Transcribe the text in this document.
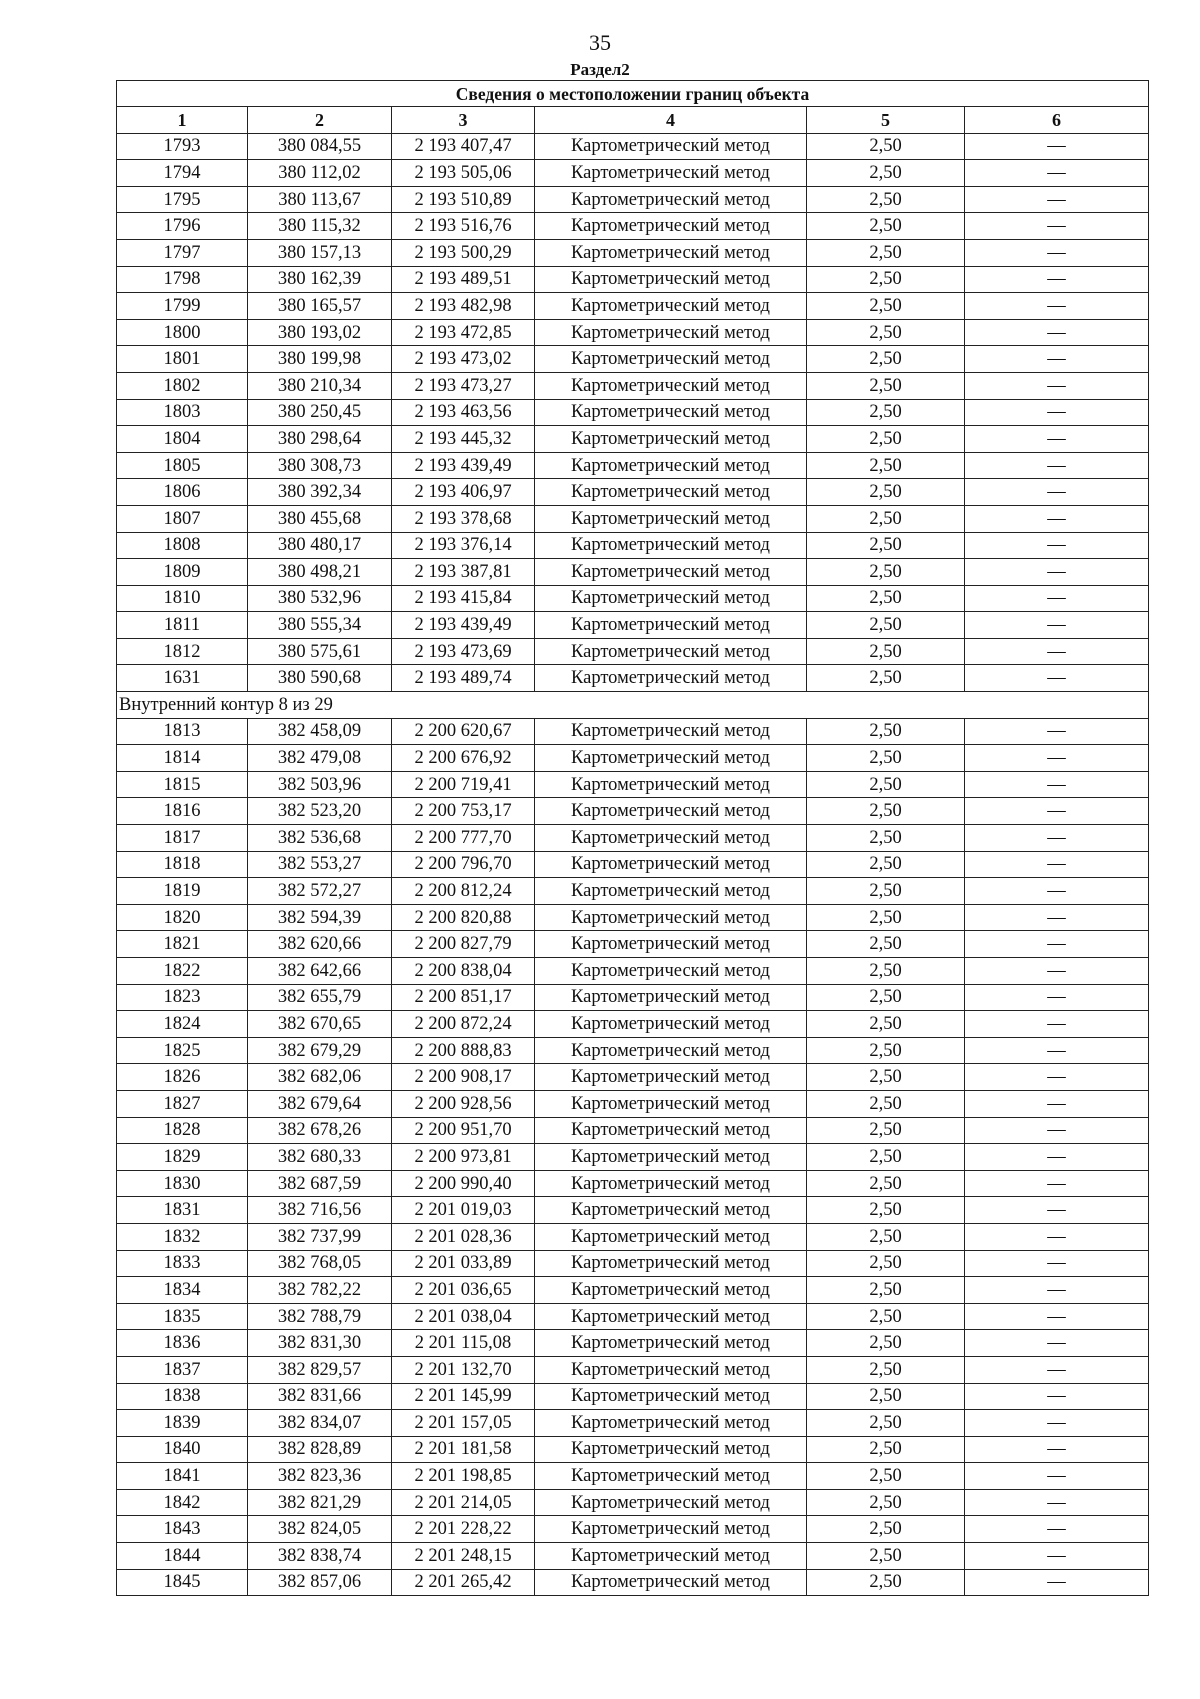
35
Раздел2
Сведения о местоположении границ объекта					
1	2	3	4	5	6
1793	380 084,55	2 193 407,47	Картометрический метод	2,50	—
1794	380 112,02	2 193 505,06	Картометрический метод	2,50	—
1795	380 113,67	2 193 510,89	Картометрический метод	2,50	—
1796	380 115,32	2 193 516,76	Картометрический метод	2,50	—
1797	380 157,13	2 193 500,29	Картометрический метод	2,50	—
1798	380 162,39	2 193 489,51	Картометрический метод	2,50	—
1799	380 165,57	2 193 482,98	Картометрический метод	2,50	—
1800	380 193,02	2 193 472,85	Картометрический метод	2,50	—
1801	380 199,98	2 193 473,02	Картометрический метод	2,50	—
1802	380 210,34	2 193 473,27	Картометрический метод	2,50	—
1803	380 250,45	2 193 463,56	Картометрический метод	2,50	—
1804	380 298,64	2 193 445,32	Картометрический метод	2,50	—
1805	380 308,73	2 193 439,49	Картометрический метод	2,50	—
1806	380 392,34	2 193 406,97	Картометрический метод	2,50	—
1807	380 455,68	2 193 378,68	Картометрический метод	2,50	—
1808	380 480,17	2 193 376,14	Картометрический метод	2,50	—
1809	380 498,21	2 193 387,81	Картометрический метод	2,50	—
1810	380 532,96	2 193 415,84	Картометрический метод	2,50	—
1811	380 555,34	2 193 439,49	Картометрический метод	2,50	—
1812	380 575,61	2 193 473,69	Картометрический метод	2,50	—
1631	380 590,68	2 193 489,74	Картометрический метод	2,50	—
Внутренний контур 8 из 29					
1813	382 458,09	2 200 620,67	Картометрический метод	2,50	—
1814	382 479,08	2 200 676,92	Картометрический метод	2,50	—
1815	382 503,96	2 200 719,41	Картометрический метод	2,50	—
1816	382 523,20	2 200 753,17	Картометрический метод	2,50	—
1817	382 536,68	2 200 777,70	Картометрический метод	2,50	—
1818	382 553,27	2 200 796,70	Картометрический метод	2,50	—
1819	382 572,27	2 200 812,24	Картометрический метод	2,50	—
1820	382 594,39	2 200 820,88	Картометрический метод	2,50	—
1821	382 620,66	2 200 827,79	Картометрический метод	2,50	—
1822	382 642,66	2 200 838,04	Картометрический метод	2,50	—
1823	382 655,79	2 200 851,17	Картометрический метод	2,50	—
1824	382 670,65	2 200 872,24	Картометрический метод	2,50	—
1825	382 679,29	2 200 888,83	Картометрический метод	2,50	—
1826	382 682,06	2 200 908,17	Картометрический метод	2,50	—
1827	382 679,64	2 200 928,56	Картометрический метод	2,50	—
1828	382 678,26	2 200 951,70	Картометрический метод	2,50	—
1829	382 680,33	2 200 973,81	Картометрический метод	2,50	—
1830	382 687,59	2 200 990,40	Картометрический метод	2,50	—
1831	382 716,56	2 201 019,03	Картометрический метод	2,50	—
1832	382 737,99	2 201 028,36	Картометрический метод	2,50	—
1833	382 768,05	2 201 033,89	Картометрический метод	2,50	—
1834	382 782,22	2 201 036,65	Картометрический метод	2,50	—
1835	382 788,79	2 201 038,04	Картометрический метод	2,50	—
1836	382 831,30	2 201 115,08	Картометрический метод	2,50	—
1837	382 829,57	2 201 132,70	Картометрический метод	2,50	—
1838	382 831,66	2 201 145,99	Картометрический метод	2,50	—
1839	382 834,07	2 201 157,05	Картометрический метод	2,50	—
1840	382 828,89	2 201 181,58	Картометрический метод	2,50	—
1841	382 823,36	2 201 198,85	Картометрический метод	2,50	—
1842	382 821,29	2 201 214,05	Картометрический метод	2,50	—
1843	382 824,05	2 201 228,22	Картометрический метод	2,50	—
1844	382 838,74	2 201 248,15	Картометрический метод	2,50	—
1845	382 857,06	2 201 265,42	Картометрический метод	2,50	—
